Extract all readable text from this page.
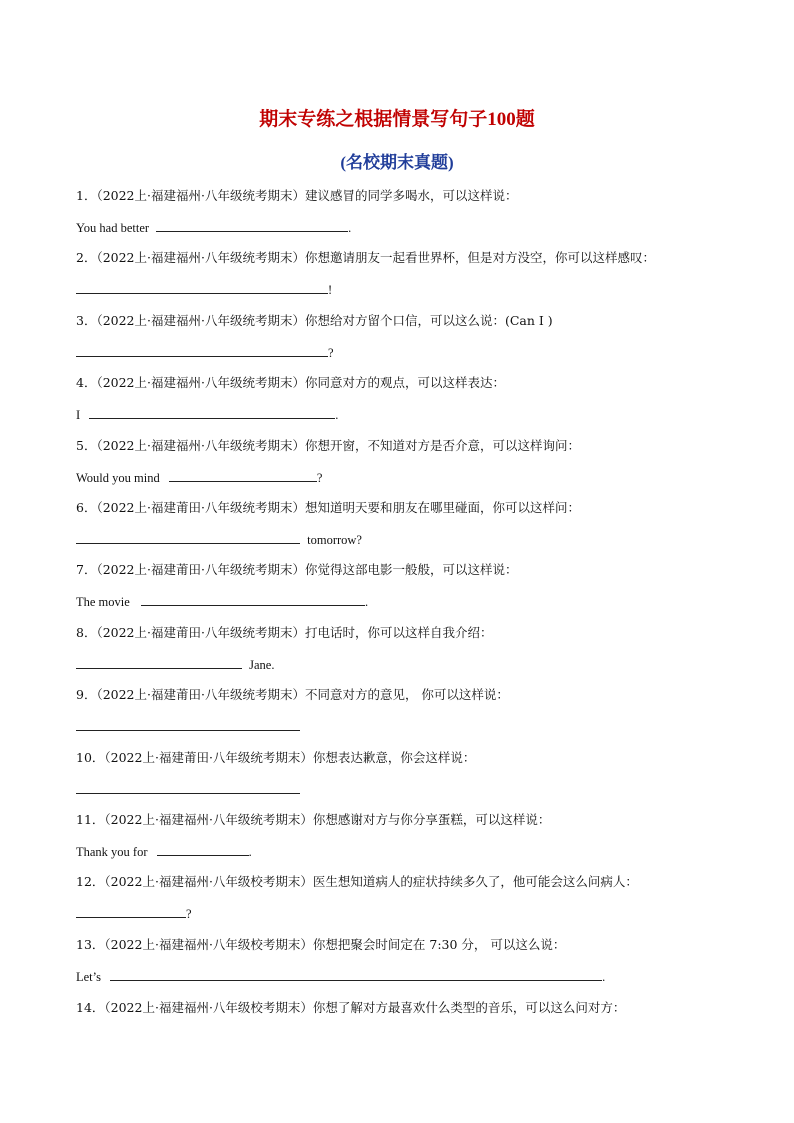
期末专练之根据情景写句子100题
(名校期末真题)
1．（2022上·福建福州·八年级统考期末）建议感冒的同学多喝水，可以这样说：
You had better	.
2．（2022上·福建福州·八年级统考期末）你想邀请朋友一起看世界杯，但是对方没空，你可以这样感叹：
!
3．（2022上·福建福州·八年级统考期末）你想给对方留个口信，可以这么说：(Can I )
?
4．（2022上·福建福州·八年级统考期末）你同意对方的观点，可以这样表达：
I	.
5．（2022上·福建福州·八年级统考期末）你想开窗，不知道对方是否介意，可以这样询问：
Would you mind	?
6．（2022上·福建莆田·八年级统考期末）想知道明天要和朋友在哪里碰面，你可以这样问：
tomorrow?
7．（2022上·福建莆田·八年级统考期末）你觉得这部电影一般般，可以这样说：
The movie	.
8．（2022上·福建莆田·八年级统考期末）打电话时，你可以这样自我介绍：
Jane.
9．（2022上·福建莆田·八年级统考期末）不同意对方的意见， 你可以这样说：
10．（2022上·福建莆田·八年级统考期末）你想表达歉意，你会这样说：
11．（2022上·福建福州·八年级统考期末）你想感谢对方与你分享蛋糕，可以这样说：
Thank you for	.
12．（2022上·福建福州·八年级校考期末）医生想知道病人的症状持续多久了，他可能会这么问病人：
?
13．（2022上·福建福州·八年级校考期末）你想把聚会时间定在 7:30 分， 可以这么说：
Let’s	.
14．（2022上·福建福州·八年级校考期末）你想了解对方最喜欢什么类型的音乐，可以这么问对方：
